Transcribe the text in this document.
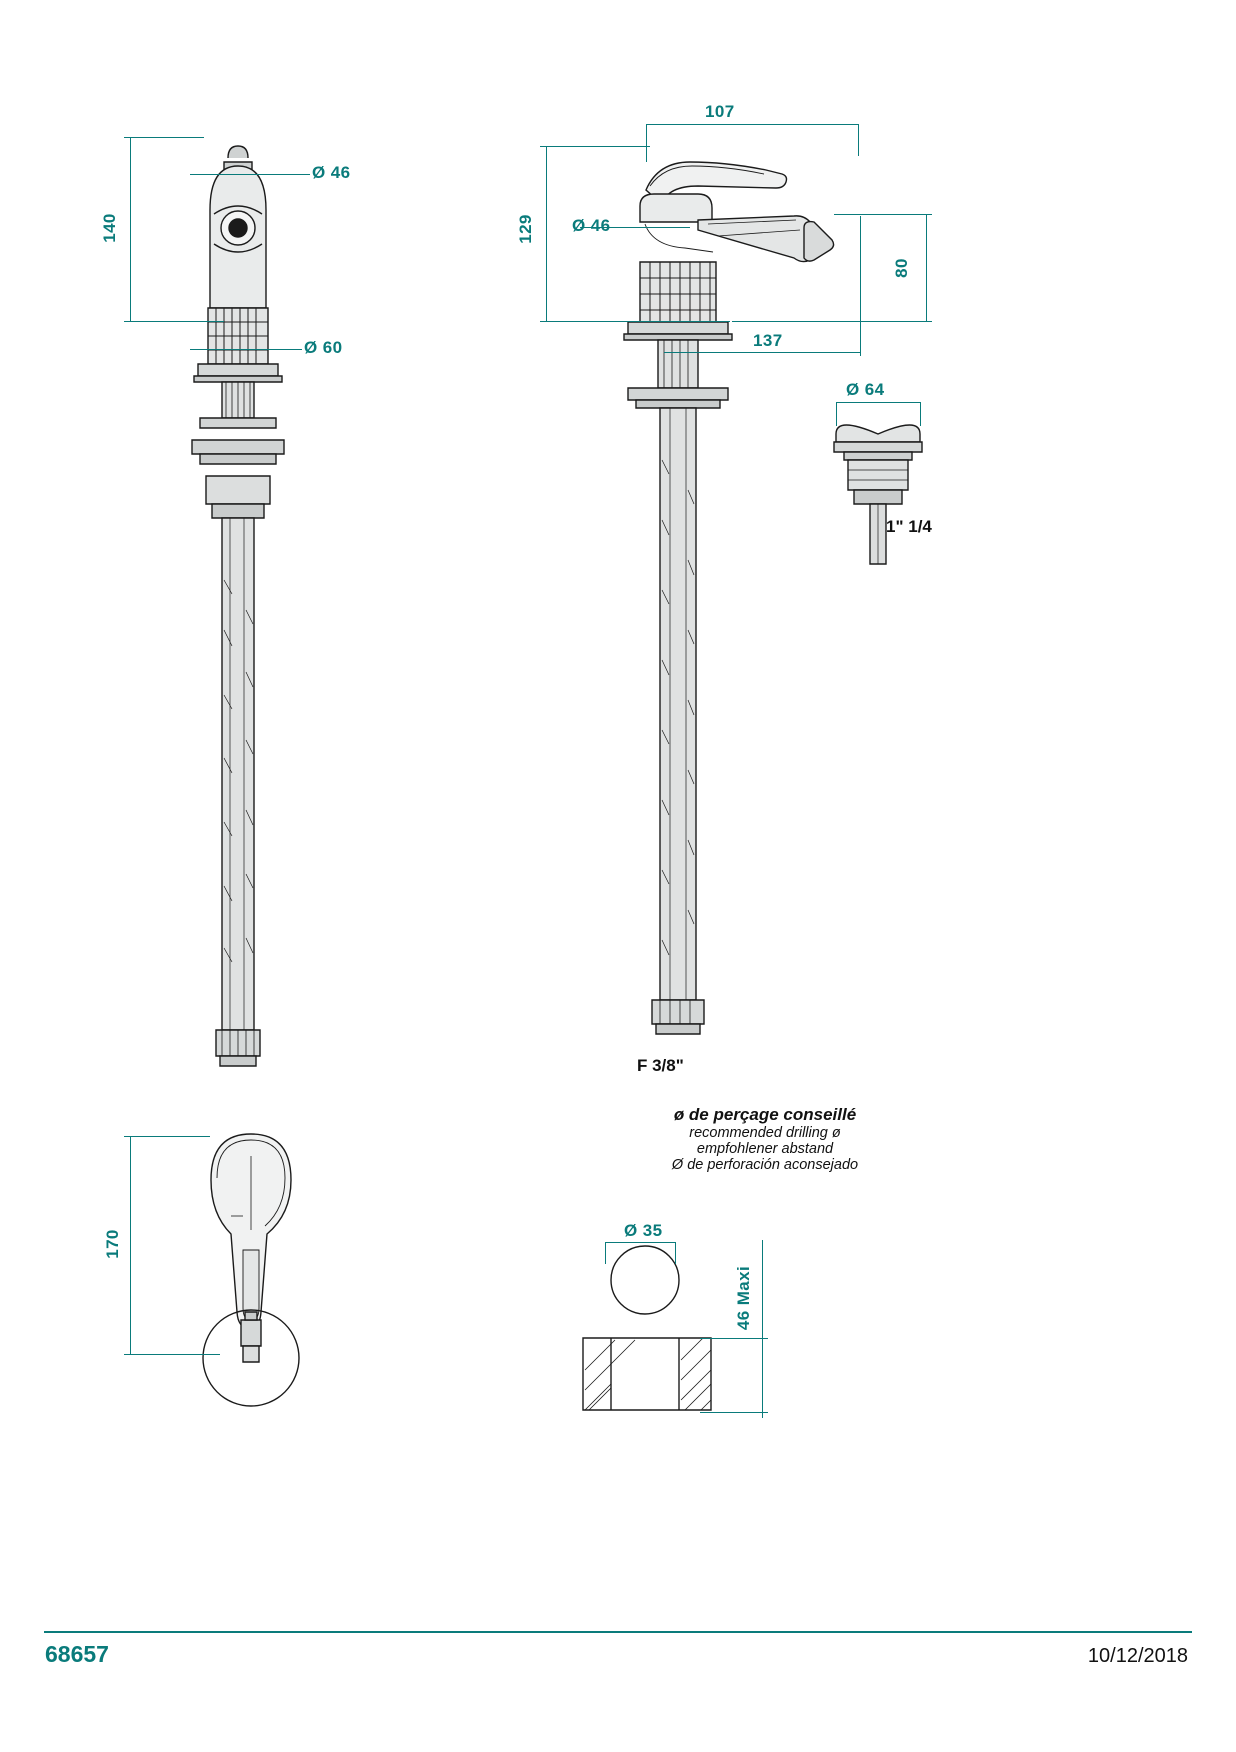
140
Ø 46
Ø 60
107
129 Ø 46
80
137
F 3/8"
Ø 64
1" 1/4
170
ø de perçage conseillé
recommended drilling ø
empfohlener abstand
Ø de perforación aconsejado
Ø 35
46 Maxi
68657	10/12/2018
